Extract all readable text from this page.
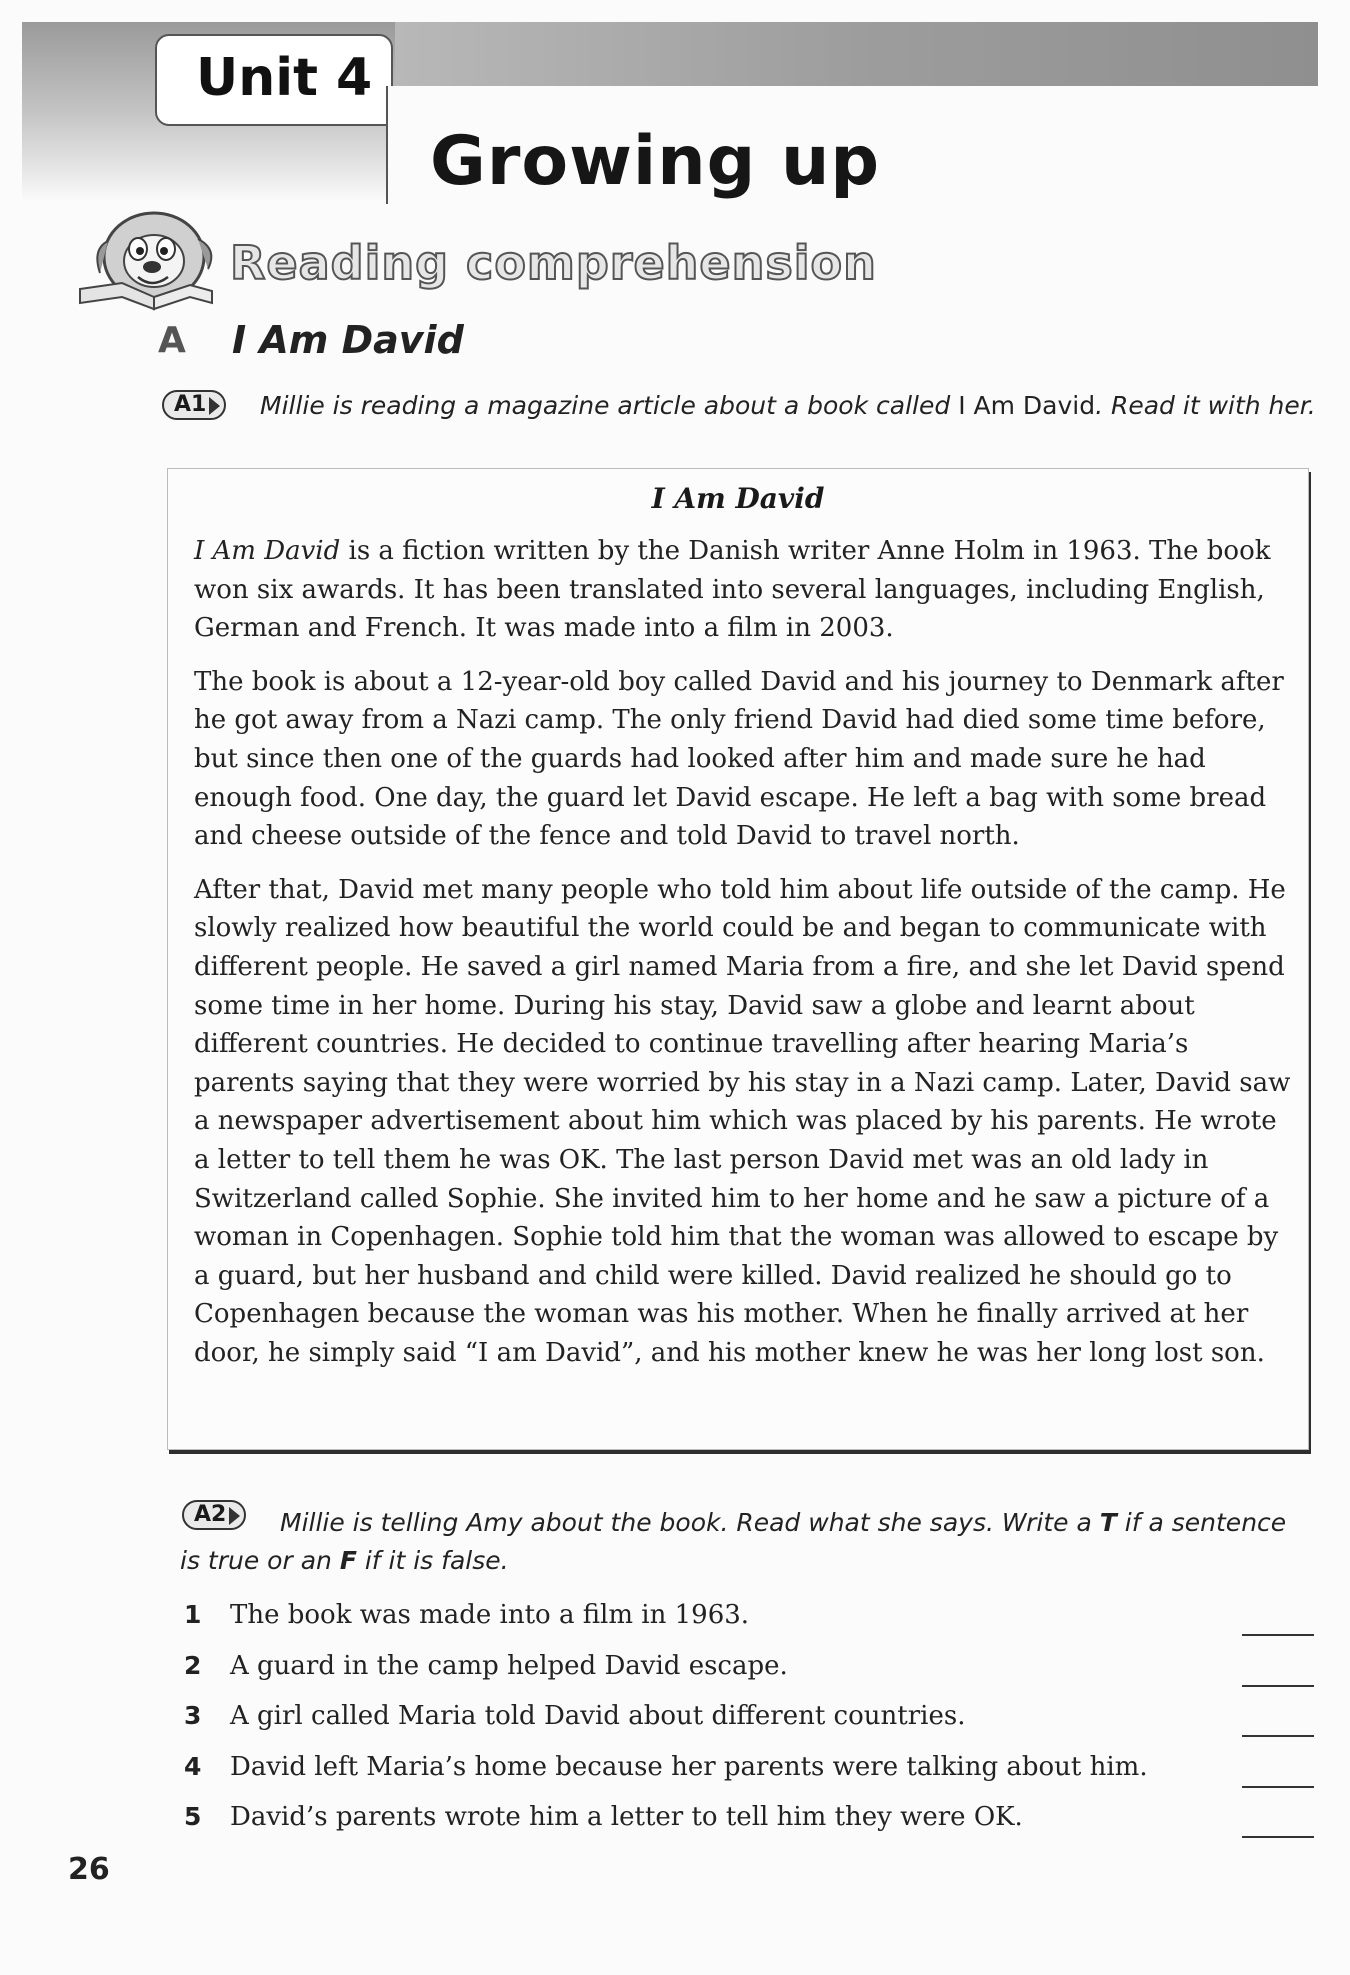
Unit 4
Growing up
Reading comprehension
A I Am David
A1	Millie is reading a magazine article about a book called I Am David. Read it with her.
I Am David

I Am David is a fiction written by the Danish writer Anne Holm in 1963. The book won six awards. It has been translated into several languages, including English, German and French. It was made into a film in 2003.

The book is about a 12-year-old boy called David and his journey to Denmark after he got away from a Nazi camp. The only friend David had died some time before, but since then one of the guards had looked after him and made sure he had enough food. One day, the guard let David escape. He left a bag with some bread and cheese outside of the fence and told David to travel north.

After that, David met many people who told him about life outside of the camp. He slowly realized how beautiful the world could be and began to communicate with different people. He saved a girl named Maria from a fire, and she let David spend some time in her home. During his stay, David saw a globe and learnt about different countries. He decided to continue travelling after hearing Maria’s parents saying that they were worried by his stay in a Nazi camp. Later, David saw a newspaper advertisement about him which was placed by his parents. He wrote a letter to tell them he was OK. The last person David met was an old lady in Switzerland called Sophie. She invited him to her home and he saw a picture of a woman in Copenhagen. Sophie told him that the woman was allowed to escape by a guard, but her husband and child were killed. David realized he should go to Copenhagen because the woman was his mother. When he finally arrived at her door, he simply said “I am David”, and his mother knew he was her long lost son.

A2	Millie is telling Amy about the book. Read what she says. Write a T if a sentence is true or an F if it is false.
1 The book was made into a film in 1963.
2 A guard in the camp helped David escape.
3 A girl called Maria told David about different countries.
4 David left Maria’s home because her parents were talking about him.
5 David’s parents wrote him a letter to tell him they were OK.
26
